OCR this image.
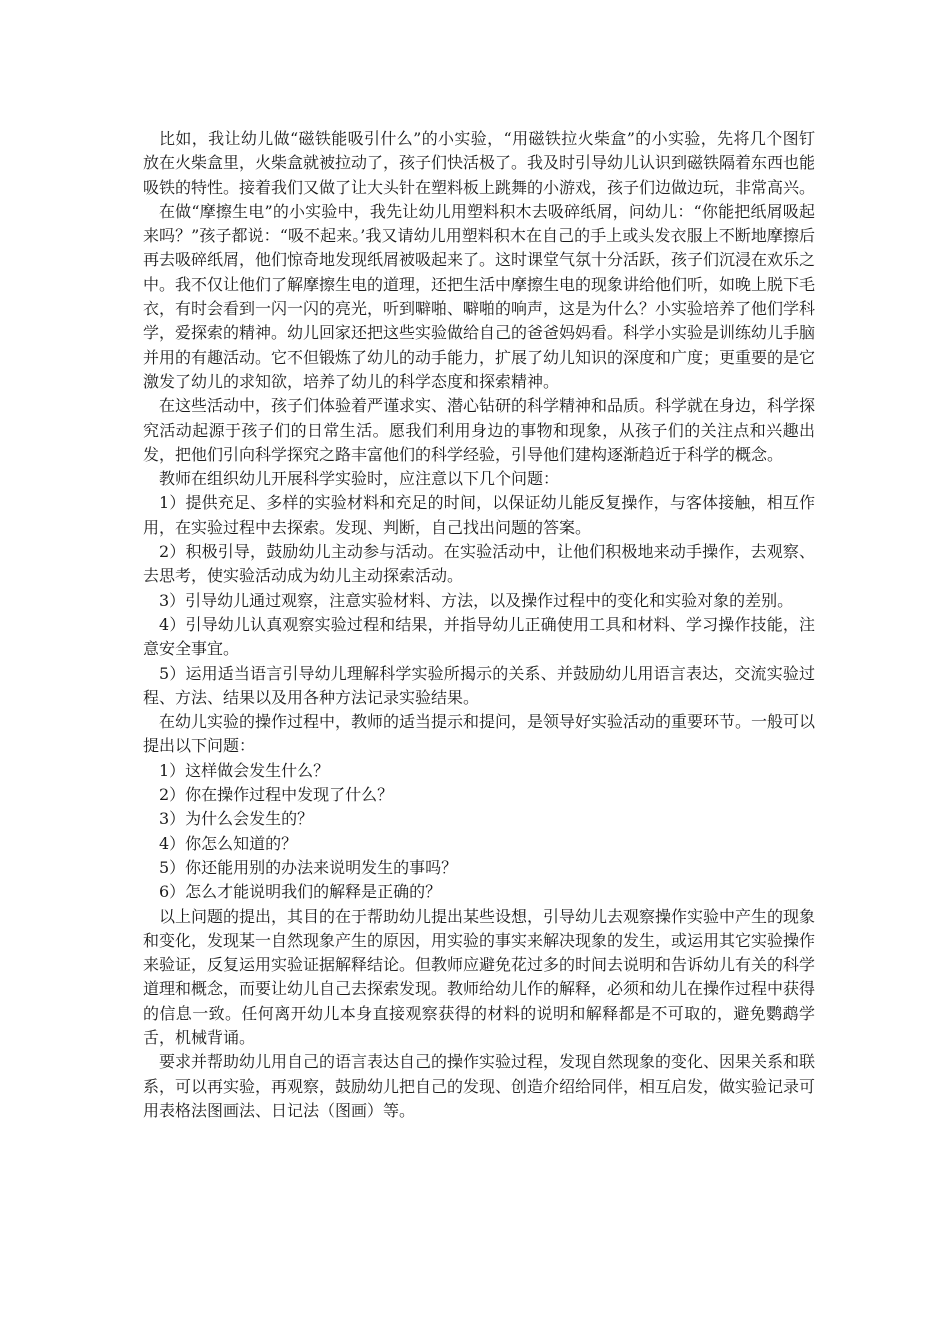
比如，我让幼儿做“磁铁能吸引什么”的小实验，“用磁铁拉火柴盒”的小实验，先将几个图钉放在火柴盒里，火柴盒就被拉动了，孩子们快活极了。我及时引导幼儿认识到磁铁隔着东西也能吸铁的特性。接着我们又做了让大头针在塑料板上跳舞的小游戏，孩子们边做边玩，非常高兴。

在做“摩擦生电”的小实验中，我先让幼儿用塑料积木去吸碎纸屑，问幼儿：“你能把纸屑吸起来吗？”孩子都说：“吸不起来。’我又请幼儿用塑料积木在自己的手上或头发衣服上不断地摩擦后再去吸碎纸屑，他们惊奇地发现纸屑被吸起来了。这时课堂气氛十分活跃，孩子们沉浸在欢乐之中。我不仅让他们了解摩擦生电的道理，还把生活中摩擦生电的现象讲给他们听，如晚上脱下毛衣，有时会看到一闪一闪的亮光，听到噼啪、噼啪的响声，这是为什么？小实验培养了他们学科学，爱探索的精神。幼儿回家还把这些实验做给自己的爸爸妈妈看。科学小实验是训练幼儿手脑并用的有趣活动。它不但锻炼了幼儿的动手能力，扩展了幼儿知识的深度和广度；更重要的是它激发了幼儿的求知欲，培养了幼儿的科学态度和探索精神。

在这些活动中，孩子们体验着严谨求实、潜心钻研的科学精神和品质。科学就在身边，科学探究活动起源于孩子们的日常生活。愿我们利用身边的事物和现象，从孩子们的关注点和兴趣出发，把他们引向科学探究之路丰富他们的科学经验，引导他们建构逐渐趋近于科学的概念。

教师在组织幼儿开展科学实验时，应注意以下几个问题：

1）提供充足、多样的实验材料和充足的时间，以保证幼儿能反复操作，与客体接触，相互作用，在实验过程中去探索。发现、判断，自己找出问题的答案。

2）积极引导，鼓励幼儿主动参与活动。在实验活动中，让他们积极地来动手操作，去观察、去思考，使实验活动成为幼儿主动探索活动。

3）引导幼儿通过观察，注意实验材料、方法，以及操作过程中的变化和实验对象的差别。

4）引导幼儿认真观察实验过程和结果，并指导幼儿正确使用工具和材料、学习操作技能，注意安全事宜。

5）运用适当语言引导幼儿理解科学实验所揭示的关系、并鼓励幼儿用语言表达，交流实验过程、方法、结果以及用各种方法记录实验结果。

在幼儿实验的操作过程中，教师的适当提示和提问，是领导好实验活动的重要环节。一般可以提出以下问题：

1）这样做会发生什么？

2）你在操作过程中发现了什么？

3）为什么会发生的？

4）你怎么知道的？

5）你还能用别的办法来说明发生的事吗？

6）怎么才能说明我们的解释是正确的？

以上问题的提出，其目的在于帮助幼儿提出某些设想，引导幼儿去观察操作实验中产生的现象和变化，发现某一自然现象产生的原因，用实验的事实来解决现象的发生，或运用其它实验操作来验证，反复运用实验证据解释结论。但教师应避免花过多的时间去说明和告诉幼儿有关的科学道理和概念，而要让幼儿自己去探索发现。教师给幼儿作的解释，必须和幼儿在操作过程中获得的信息一致。任何离开幼儿本身直接观察获得的材料的说明和解释都是不可取的，避免鹦鹉学舌，机械背诵。

要求并帮助幼儿用自己的语言表达自己的操作实验过程，发现自然现象的变化、因果关系和联系，可以再实验，再观察，鼓励幼儿把自己的发现、创造介绍给同伴，相互启发，做实验记录可用表格法图画法、日记法（图画）等。
